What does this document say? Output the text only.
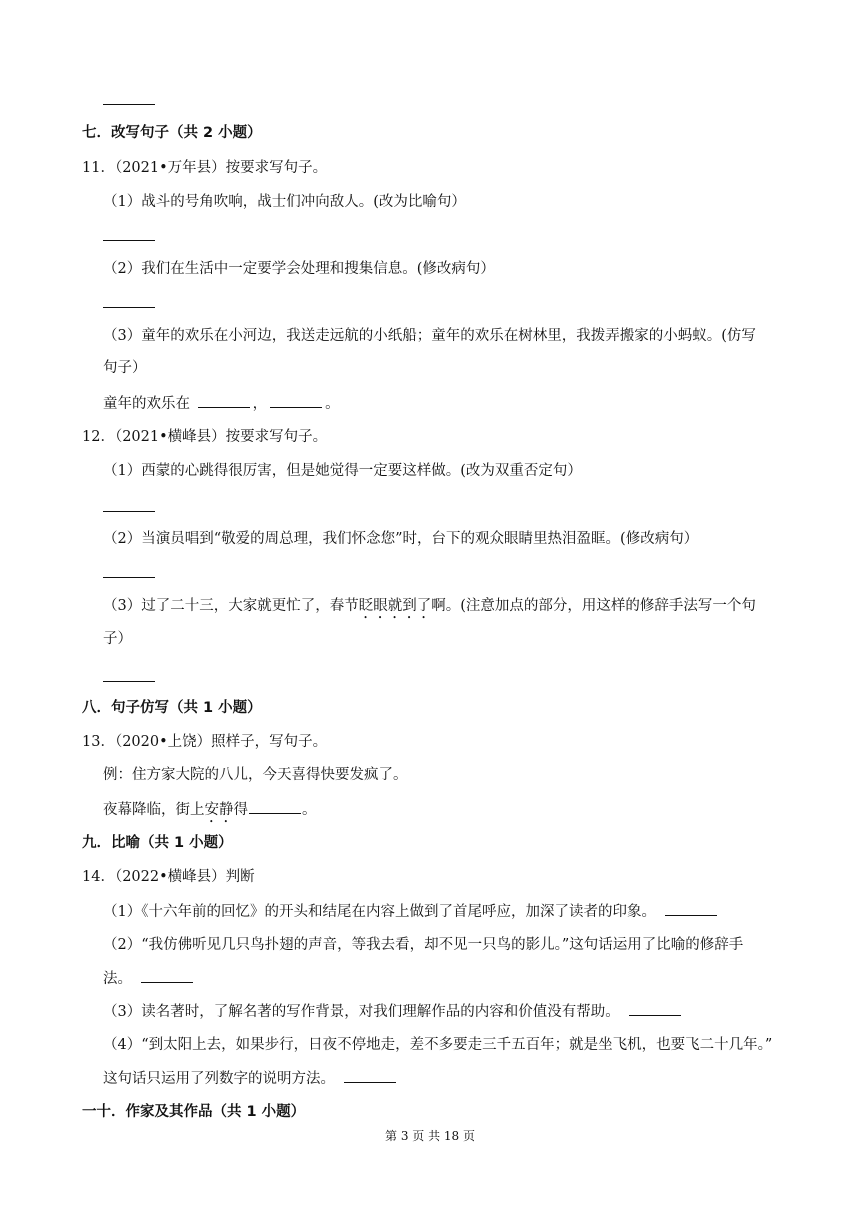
七．改写句子（共 2 小题）
11．（2021•万年县）按要求写句子。
（1）战斗的号角吹响，战士们冲向敌人。(改为比喻句）
（2）我们在生活中一定要学会处理和搜集信息。(修改病句）
（3）童年的欢乐在小河边，我送走远航的小纸船；童年的欢乐在树林里，我拨弄搬家的小蚂蚁。(仿写
句子）
童年的欢乐在	，	。
12．（2021•横峰县）按要求写句子。
（1）西蒙的心跳得很厉害，但是她觉得一定要这样做。(改为双重否定句）
（2）当演员唱到“敬爱的周总理，我们怀念您”时，台下的观众眼睛里热泪盈眶。(修改病句）
（3）过了二十三，大家就更忙了，春节眨眼就到了啊。(注意加点的部分，用这样的修辞手法写一个句
子）
八．句子仿写（共 1 小题）
13．（2020•上饶）照样子，写句子。
例：住方家大院的八儿，今天喜得快要发疯了。
夜幕降临，街上安静得	。
九．比喻（共 1 小题）
14．（2022•横峰县）判断
（1）《十六年前的回忆》的开头和结尾在内容上做到了首尾呼应，加深了读者的印象。
（2）“我仿佛听见几只鸟扑翅的声音，等我去看，却不见一只鸟的影儿。”这句话运用了比喻的修辞手
法。
（3）读名著时，了解名著的写作背景，对我们理解作品的内容和价值没有帮助。
（4）“到太阳上去，如果步行，日夜不停地走，差不多要走三千五百年；就是坐飞机，也要飞二十几年。”
这句话只运用了列数字的说明方法。
一十．作家及其作品（共 1 小题）
第 3 页 共 18 页
